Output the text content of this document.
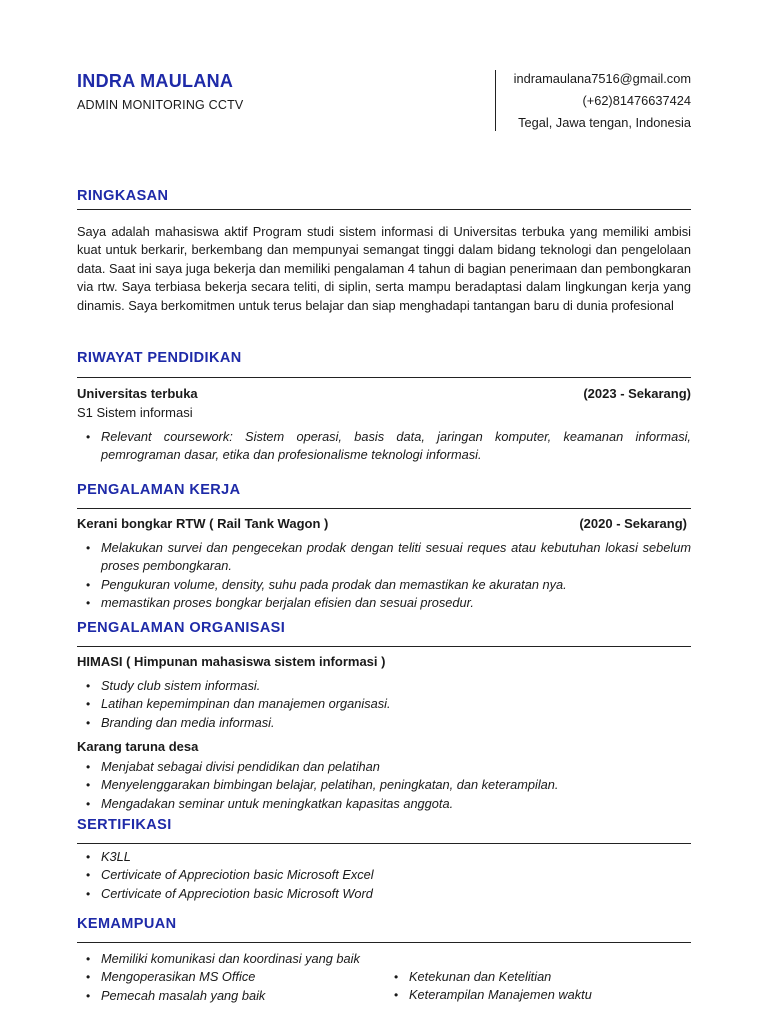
INDRA MAULANA
ADMIN MONITORING CCTV
indramaulana7516@gmail.com
(+62)81476637424
Tegal, Jawa tengan, Indonesia
RINGKASAN
Saya adalah mahasiswa aktif Program studi sistem informasi di Universitas terbuka yang memiliki ambisi kuat untuk berkarir, berkembang dan mempunyai semangat tinggi dalam bidang teknologi dan pengelolaan data. Saat ini saya juga bekerja dan memiliki pengalaman 4 tahun di bagian penerimaan dan pembongkaran via rtw. Saya terbiasa bekerja secara teliti, di siplin, serta mampu beradaptasi dalam lingkungan kerja yang dinamis. Saya berkomitmen untuk terus belajar dan siap menghadapi tantangan baru di dunia profesional
RIWAYAT PENDIDIKAN
Universitas terbuka	(2023 - Sekarang)
S1 Sistem informasi
• Relevant coursework: Sistem operasi, basis data, jaringan komputer, keamanan informasi, pemrograman dasar, etika dan profesionalisme teknologi informasi.
PENGALAMAN KERJA
Kerani bongkar RTW ( Rail Tank Wagon )	(2020 - Sekarang)
• Melakukan survei dan pengecekan prodak dengan teliti sesuai reques atau kebutuhan lokasi sebelum proses pembongkaran.
• Pengukuran volume, density, suhu pada prodak dan memastikan ke akuratan nya.
• memastikan proses bongkar berjalan efisien dan sesuai prosedur.
PENGALAMAN ORGANISASI
HIMASI ( Himpunan mahasiswa sistem informasi )
• Study club sistem informasi.
• Latihan kepemimpinan dan manajemen organisasi.
• Branding dan media informasi.
Karang taruna desa
• Menjabat sebagai divisi pendidikan dan pelatihan
• Menyelenggarakan bimbingan belajar, pelatihan, peningkatan, dan keterampilan.
• Mengadakan seminar untuk meningkatkan kapasitas anggota.
SERTIFIKASI
• K3LL
• Certivicate of Appreciotion basic Microsoft Excel
• Certivicate of Appreciotion basic Microsoft Word
KEMAMPUAN
• Memiliki komunikasi dan koordinasi yang baik
• Mengoperasikan MS Office
• Pemecah masalah yang baik
• Ketekunan dan Ketelitian
• Keterampilan Manajemen waktu
